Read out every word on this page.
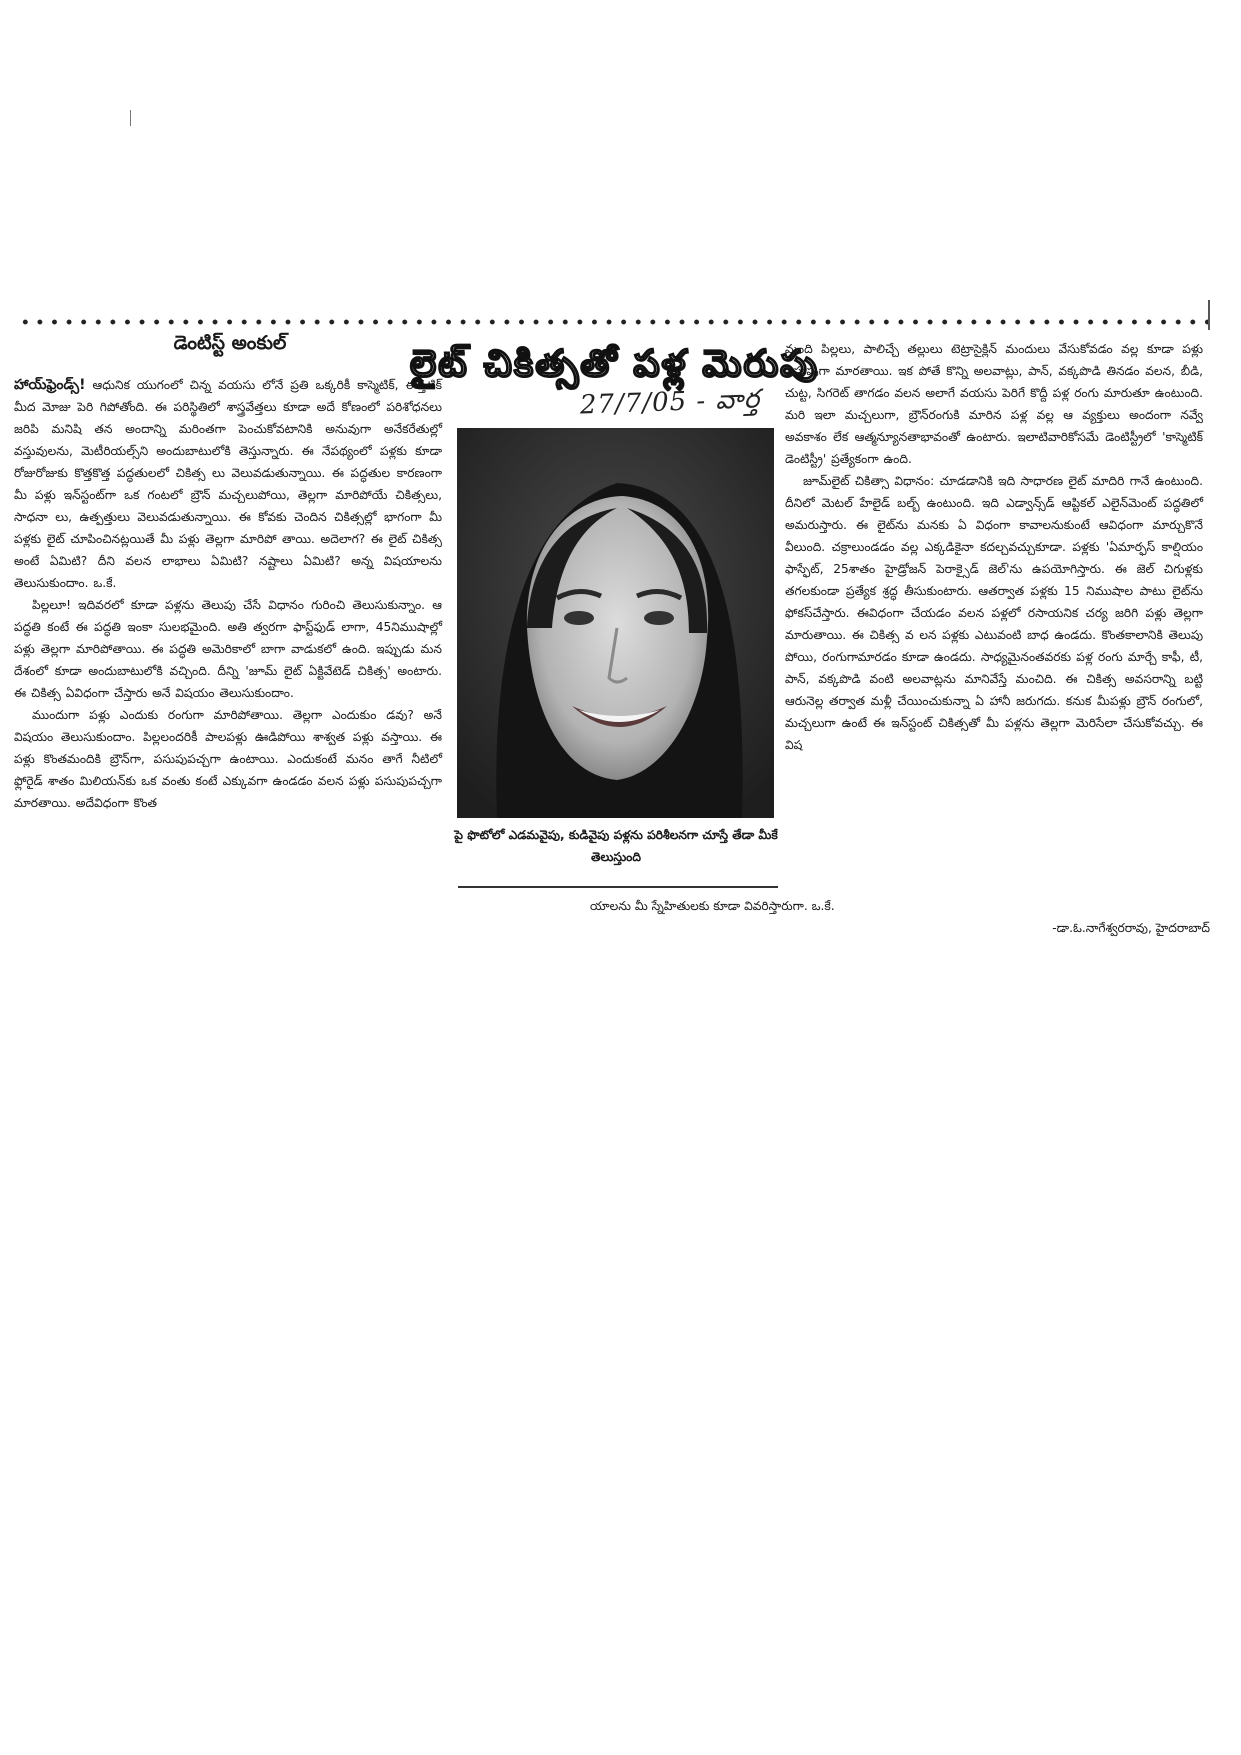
డెంటిస్ట్ అంకుల్

హాయ్‌ఫ్రెండ్స్! ఆధునిక యుగంలో చిన్న వయసు లోనే ప్రతి ఒక్కరికీ కాస్మెటిక్, ఈస్తటిక్ మీద మోజు పెరి గిపోతోంది. ఈ పరిస్థితిలో శాస్త్రవేత్తలు కూడా అదే కోణంలో పరిశోధనలు జరిపి మనిషి తన అందాన్ని మరింతగా పెంచుకోవటానికి అనువుగా అనేకరేతుల్లో వస్తువులను, మెటీరియల్స్‌ని అందుబాటులోకి తెస్తున్నారు. ఈ నేపథ్యంలో పళ్లకు కూడా రోజురోజుకు కొత్తకొత్త పద్ధతులలో చికిత్స లు వెలువడుతున్నాయి. ఈ పద్ధతుల కారణంగా మీ పళ్లు ఇన్‌స్టంట్‌గా ఒక గంటలో బ్రౌన్ మచ్చలుపోయి, తెల్లగా మారిపోయే చికిత్సలు, సాధనా లు, ఉత్పత్తులు వెలువడుతున్నాయి. ఈ కోవకు చెందిన చికిత్సల్లో భాగంగా మీ పళ్లకు లైట్ చూపించినట్లయితే మీ పళ్లు తెల్లగా మారిపో తాయి. అదెలాగ? ఈ లైట్ చికిత్స అంటే ఏమిటి? దీని వలన లాభాలు ఏమిటి? నష్టాలు ఏమిటి? అన్న విషయాలను తెలుసుకుందాం. ఒ.కే.

పిల్లలూ! ఇదివరలో కూడా పళ్లను తెలుపు చేసే విధానం గురించి తెలుసుకున్నాం. ఆ పద్ధతి కంటే ఈ పద్ధతి ఇంకా సులభమైంది. అతి త్వరగా ఫాస్ట్‌ఫుడ్ లాగా, 45నిముషాల్లో పళ్లు తెల్లగా మారిపోతాయి. ఈ పద్ధతి అమెరికాలో బాగా వాడుకలో ఉంది. ఇప్పుడు మన దేశంలో కూడా అందుబాటులోకి వచ్చింది. దీన్ని 'జూమ్ లైట్ ఏక్టివేటెడ్ చికిత్స' అంటారు. ఈ చికిత్స ఏవిధంగా చేస్తారు అనే విషయం తెలుసుకుందాం.

ముందుగా పళ్లు ఎందుకు రంగుగా మారిపోతాయి. తెల్లగా ఎందుకుం డవు? అనే విషయం తెలుసుకుందాం. పిల్లలందరికీ పాలపళ్లు ఊడిపోయి శాశ్వత పళ్లు వస్తాయి. ఈ పళ్లు కొంతమందికి బ్రౌన్‌గా, పసుపుపచ్చగా ఉంటాయి. ఎందుకంటే మనం తాగే నీటిలో ఫ్లోరైడ్ శాతం మిలియన్‌కు ఒక వంతు కంటే ఎక్కువగా ఉండడం వలన పళ్లు పసుపుపచ్చగా మారతాయి. అదేవిధంగా కొంత

లైట్ చికిత్సతో పళ్ల మెరుపు
27/7/05 - వార్త
పై ఫొటోలో ఎడమవైపు, కుడివైపు పళ్లను పరిశీలనగా చూస్తే తేడా మీకే తెలుస్తుంది

మంది పిల్లలు, పాలిచ్చే తల్లులు టెట్రాసైక్లిన్ మందులు వేసుకోవడం వల్ల కూడా పళ్లు పసుపుగా మారతాయి. ఇక పోతే కొన్ని అలవాట్లు, పాన్, వక్కపొడి తినడం వలన, బీడి, చుట్ట, సిగరెట్ తాగడం వలన అలాగే వయసు పెరిగే కొద్దీ పళ్ల రంగు మారుతూ ఉంటుంది. మరి ఇలా మచ్చలుగా, బ్రౌన్‌రంగుకి మారిన పళ్ల వల్ల ఆ వ్యక్తులు అందంగా నవ్వే అవకాశం లేక ఆత్మన్యూనతాభావంతో ఉంటారు. ఇలాటివారికోసమే డెంటిస్ట్రీలో 'కాస్మెటిక్ డెంటిస్ట్రీ' ప్రత్యేకంగా ఉంది.

జూమ్‌లైట్ చికిత్సా విధానం: చూడడానికి ఇది సాధారణ లైట్ మాదిరి గానే ఉంటుంది. దీనిలో మెటల్ హేలైడ్ బల్బ్ ఉంటుంది. ఇది ఎడ్వాన్స్‌డ్ ఆప్టికల్ ఎలైన్‌మెంట్ పద్ధతిలో అమరుస్తారు. ఈ లైట్‌ను మనకు ఏ విధంగా కావాలనుకుంటే ఆవిధంగా మార్చుకొనే వీలుంది. చక్రాలుండడం వల్ల ఎక్కడికైనా కదల్చవచ్చుకూడా. పళ్లకు 'ఏమార్ఫస్ కాల్షియం ఫాస్ఫేట్, 25శాతం హైడ్రోజన్ పెరాక్సైడ్ జెల్'ను ఉపయోగిస్తారు. ఈ జెల్ చిగుళ్లకు తగలకుండా ప్రత్యేక శ్రద్ధ తీసుకుంటారు. ఆతర్వాత పళ్లకు 15 నిముషాల పాటు లైట్‌ను ఫోకస్‌చేస్తారు. ఈవిధంగా చేయడం వలన పళ్లలో రసాయనిక చర్య జరిగి పళ్లు తెల్లగా మారుతాయి. ఈ చికిత్స వ లన పళ్లకు ఎటువంటి బాధ ఉండదు. కొంతకాలానికి తెలుపు పోయి, రంగుగామారడం కూడా ఉండదు. సాధ్యమైనంతవరకు పళ్ల రంగు మార్చే కాఫీ, టీ, పాన్, వక్కపొడి వంటి అలవాట్లను మానివేస్తే మంచిది. ఈ చికిత్స అవసరాన్ని బట్టి ఆరునెల్ల తర్వాత మళ్లీ చేయించుకున్నా ఏ హానీ జరుగదు. కనుక మీపళ్లు బ్రౌన్ రంగులో, మచ్చలుగా ఉంటే ఈ ఇన్‌స్టంట్ చికిత్సతో మీ పళ్లను తెల్లగా మెరిసేలా చేసుకోవచ్చు. ఈ విష

యాలను మీ స్నేహితులకు కూడా వివరిస్తారుగా. ఒ.కే.
-డా.ఓ.నాగేశ్వరరావు, హైదరాబాద్
